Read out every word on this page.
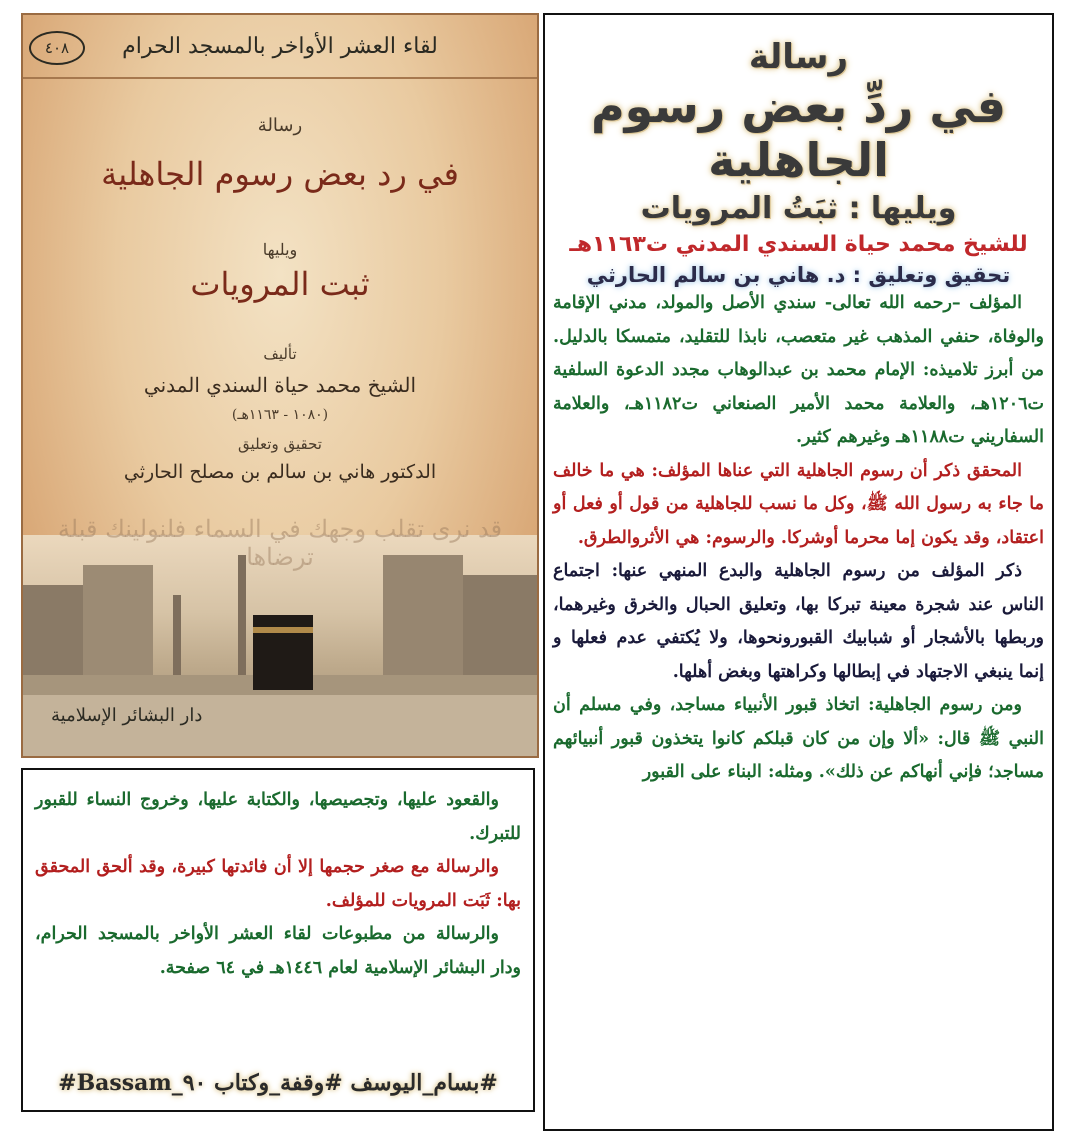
لقاء العشر الأواخر بالمسجد الحرام
٤٠٨
رسالة
في رد بعض رسوم الجاهلية
ويليها
ثبت المرويات
تأليف
الشيخ محمد حياة السندي المدني
(١٠٨٠ - ١١٦٣هـ)
تحقيق وتعليق
الدكتور هاني بن سالم بن مصلح الحارثي
قد نرى تقلب وجهك في السماء فلنولينك قبلة ترضاها
دار البشائر الإسلامية
رسالة
في ردِّ بعض رسوم الجاهلية
ويليها : ثبَتُ المرويات
للشيخ محمد حياة السندي المدني ت١١٦٣هـ
تحقيق وتعليق : د. هاني بن سالم الحارثي

المؤلف –رحمه الله تعالى- سندي الأصل والمولد، مدني الإقامة والوفاة، حنفي المذهب غير متعصب، نابذا للتقليد، متمسكا بالدليل. من أبرز تلاميذه: الإمام محمد بن عبدالوهاب مجدد الدعوة السلفية ت١٢٠٦هـ، والعلامة محمد الأمير الصنعاني ت١١٨٢هـ، والعلامة السفاريني ت١١٨٨هـ وغيرهم كثير.

المحقق ذكر أن رسوم الجاهلية التي عناها المؤلف: هي ما خالف ما جاء به رسول الله ﷺ، وكل ما نسب للجاهلية من قول أو فعل أو اعتقاد، وقد يكون إما محرما أوشركا. والرسوم: هي الأثروالطرق.

ذكر المؤلف من رسوم الجاهلية والبدع المنهي عنها: اجتماع الناس عند شجرة معينة تبركا بها، وتعليق الحبال والخرق وغيرهما، وربطها بالأشجار أو شبابيك القبورونحوها، ولا يُكتفي عدم فعلها و إنما ينبغي الاجتهاد في إبطالها وكراهتها وبغض أهلها.

ومن رسوم الجاهلية: اتخاذ قبور الأنبياء مساجد، وفي مسلم أن النبي ﷺ قال: «ألا وإن من كان قبلكم كانوا يتخذون قبور أنبيائهم مساجد؛ فإني أنهاكم عن ذلك». ومثله: البناء على القبور

والقعود عليها، وتجصيصها، والكتابة عليها، وخروج النساء للقبور للتبرك.

والرسالة مع صغر حجمها إلا أن فائدتها كبيرة، وقد ألحق المحقق بها: ثَبَت المرويات للمؤلف.

والرسالة من مطبوعات لقاء العشر الأواخر بالمسجد الحرام، ودار البشائر الإسلامية لعام ١٤٤٦هـ في ٦٤ صفحة.

#بسام_اليوسف #وقفة_وكتاب ٩٠_Bassam#
